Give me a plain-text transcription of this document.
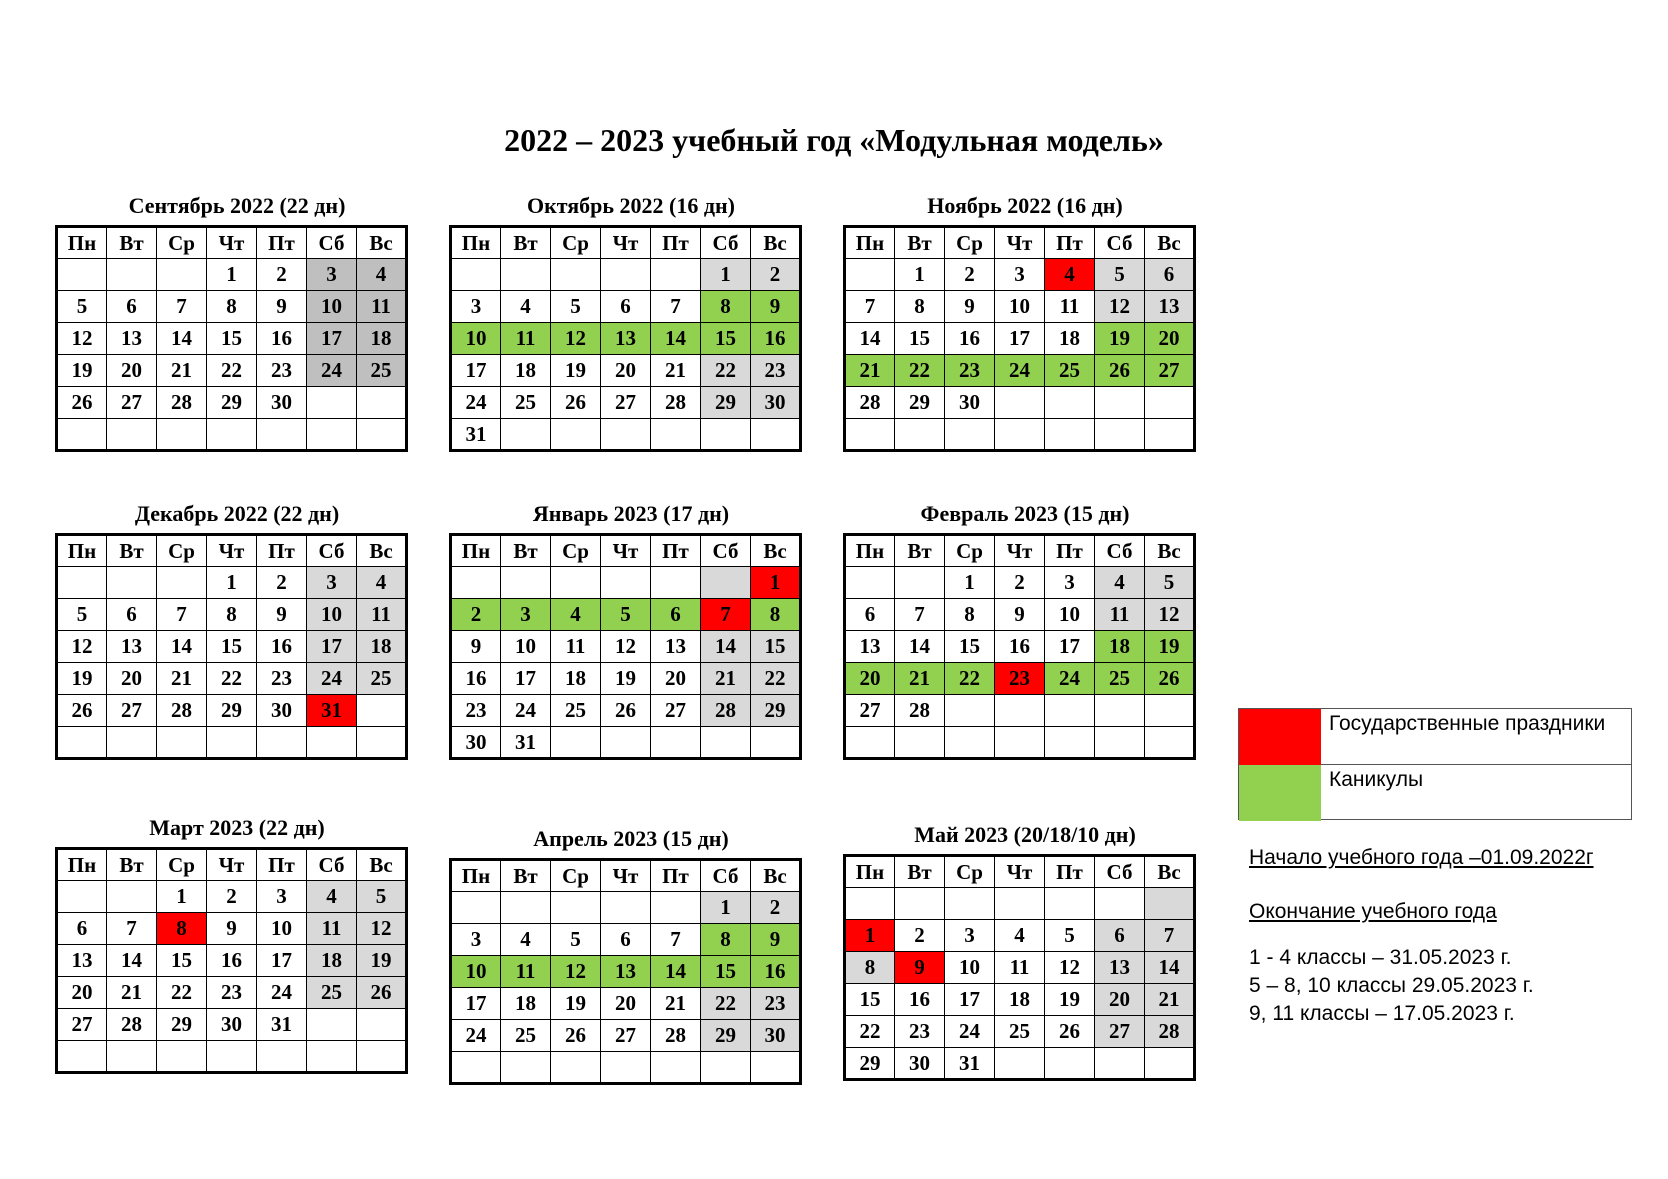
2022 – 2023 учебный год «Модульная модель»
Сентябрь 2022 (22 дн)
Пн	Вт	Ср	Чт	Пт	Сб	Вс
			1	2	3	4
5	6	7	8	9	10	11
12	13	14	15	16	17	18
19	20	21	22	23	24	25
26	27	28	29	30		

Октябрь 2022 (16 дн)
Пн	Вт	Ср	Чт	Пт	Сб	Вс
					1	2
3	4	5	6	7	8	9
10	11	12	13	14	15	16
17	18	19	20	21	22	23
24	25	26	27	28	29	30
31						
Ноябрь 2022 (16 дн)
Пн	Вт	Ср	Чт	Пт	Сб	Вс
	1	2	3	4	5	6
7	8	9	10	11	12	13
14	15	16	17	18	19	20
21	22	23	24	25	26	27
28	29	30				

Декабрь 2022 (22 дн)
Пн	Вт	Ср	Чт	Пт	Сб	Вс
			1	2	3	4
5	6	7	8	9	10	11
12	13	14	15	16	17	18
19	20	21	22	23	24	25
26	27	28	29	30	31	

Январь 2023 (17 дн)
Пн	Вт	Ср	Чт	Пт	Сб	Вс
						1
2	3	4	5	6	7	8
9	10	11	12	13	14	15
16	17	18	19	20	21	22
23	24	25	26	27	28	29
30	31					
Февраль 2023 (15 дн)
Пн	Вт	Ср	Чт	Пт	Сб	Вс
		1	2	3	4	5
6	7	8	9	10	11	12
13	14	15	16	17	18	19
20	21	22	23	24	25	26
27	28					

Март 2023 (22 дн)
Пн	Вт	Ср	Чт	Пт	Сб	Вс
		1	2	3	4	5
6	7	8	9	10	11	12
13	14	15	16	17	18	19
20	21	22	23	24	25	26
27	28	29	30	31		

Апрель 2023 (15 дн)
Пн	Вт	Ср	Чт	Пт	Сб	Вс
					1	2
3	4	5	6	7	8	9
10	11	12	13	14	15	16
17	18	19	20	21	22	23
24	25	26	27	28	29	30

Май 2023 (20/18/10 дн)
Пн	Вт	Ср	Чт	Пт	Сб	Вс

1	2	3	4	5	6	7
8	9	10	11	12	13	14
15	16	17	18	19	20	21
22	23	24	25	26	27	28
29	30	31				
Государственные праздники
Каникулы
Начало учебного года –01.09.2022г
Окончание учебного года
1 - 4 классы – 31.05.2023 г.
5 – 8, 10 классы 29.05.2023 г.
9, 11 классы – 17.05.2023 г.
